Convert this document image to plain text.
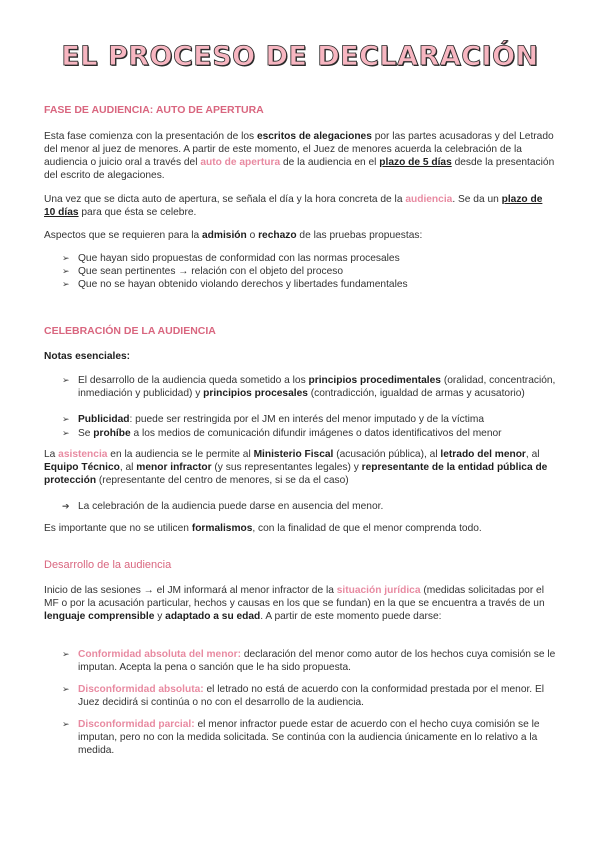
EL PROCESO DE DECLARACIÓN
FASE DE AUDIENCIA: AUTO DE APERTURA
Esta fase comienza con la presentación de los escritos de alegaciones por las partes acusadoras y del Letrado del menor al juez de menores. A partir de este momento, el Juez de menores acuerda la celebración de la audiencia o juicio oral a través del auto de apertura de la audiencia en el plazo de 5 días desde la presentación del escrito de alegaciones.
Una vez que se dicta auto de apertura, se señala el día y la hora concreta de la audiencia. Se da un plazo de 10 días para que ésta se celebre.
Aspectos que se requieren para la admisión o rechazo de las pruebas propuestas:
➢ Que hayan sido propuestas de conformidad con las normas procesales
➢ Que sean pertinentes → relación con el objeto del proceso
➢ Que no se hayan obtenido violando derechos y libertades fundamentales
CELEBRACIÓN DE LA AUDIENCIA
Notas esenciales:
➢ El desarrollo de la audiencia queda sometido a los principios procedimentales (oralidad, concentración, inmediación y publicidad) y principios procesales (contradicción, igualdad de armas y acusatorio)
➢ Publicidad: puede ser restringida por el JM en interés del menor imputado y de la víctima
➢ Se prohíbe a los medios de comunicación difundir imágenes o datos identificativos del menor
La asistencia en la audiencia se le permite al Ministerio Fiscal (acusación pública), al letrado del menor, al Equipo Técnico, al menor infractor (y sus representantes legales) y representante de la entidad pública de protección (representante del centro de menores, si se da el caso)
➔ La celebración de la audiencia puede darse en ausencia del menor.
Es importante que no se utilicen formalismos, con la finalidad de que el menor comprenda todo.
Desarrollo de la audiencia
Inicio de las sesiones → el JM informará al menor infractor de la situación jurídica (medidas solicitadas por el MF o por la acusación particular, hechos y causas en los que se fundan) en la que se encuentra a través de un lenguaje comprensible y adaptado a su edad. A partir de este momento puede darse:
➢ Conformidad absoluta del menor: declaración del menor como autor de los hechos cuya comisión se le imputan. Acepta la pena o sanción que le ha sido propuesta.
➢ Disconformidad absoluta: el letrado no está de acuerdo con la conformidad prestada por el menor. El Juez decidirá si continúa o no con el desarrollo de la audiencia.
➢ Disconformidad parcial: el menor infractor puede estar de acuerdo con el hecho cuya comisión se le imputan, pero no con la medida solicitada. Se continúa con la audiencia únicamente en lo relativo a la medida.
